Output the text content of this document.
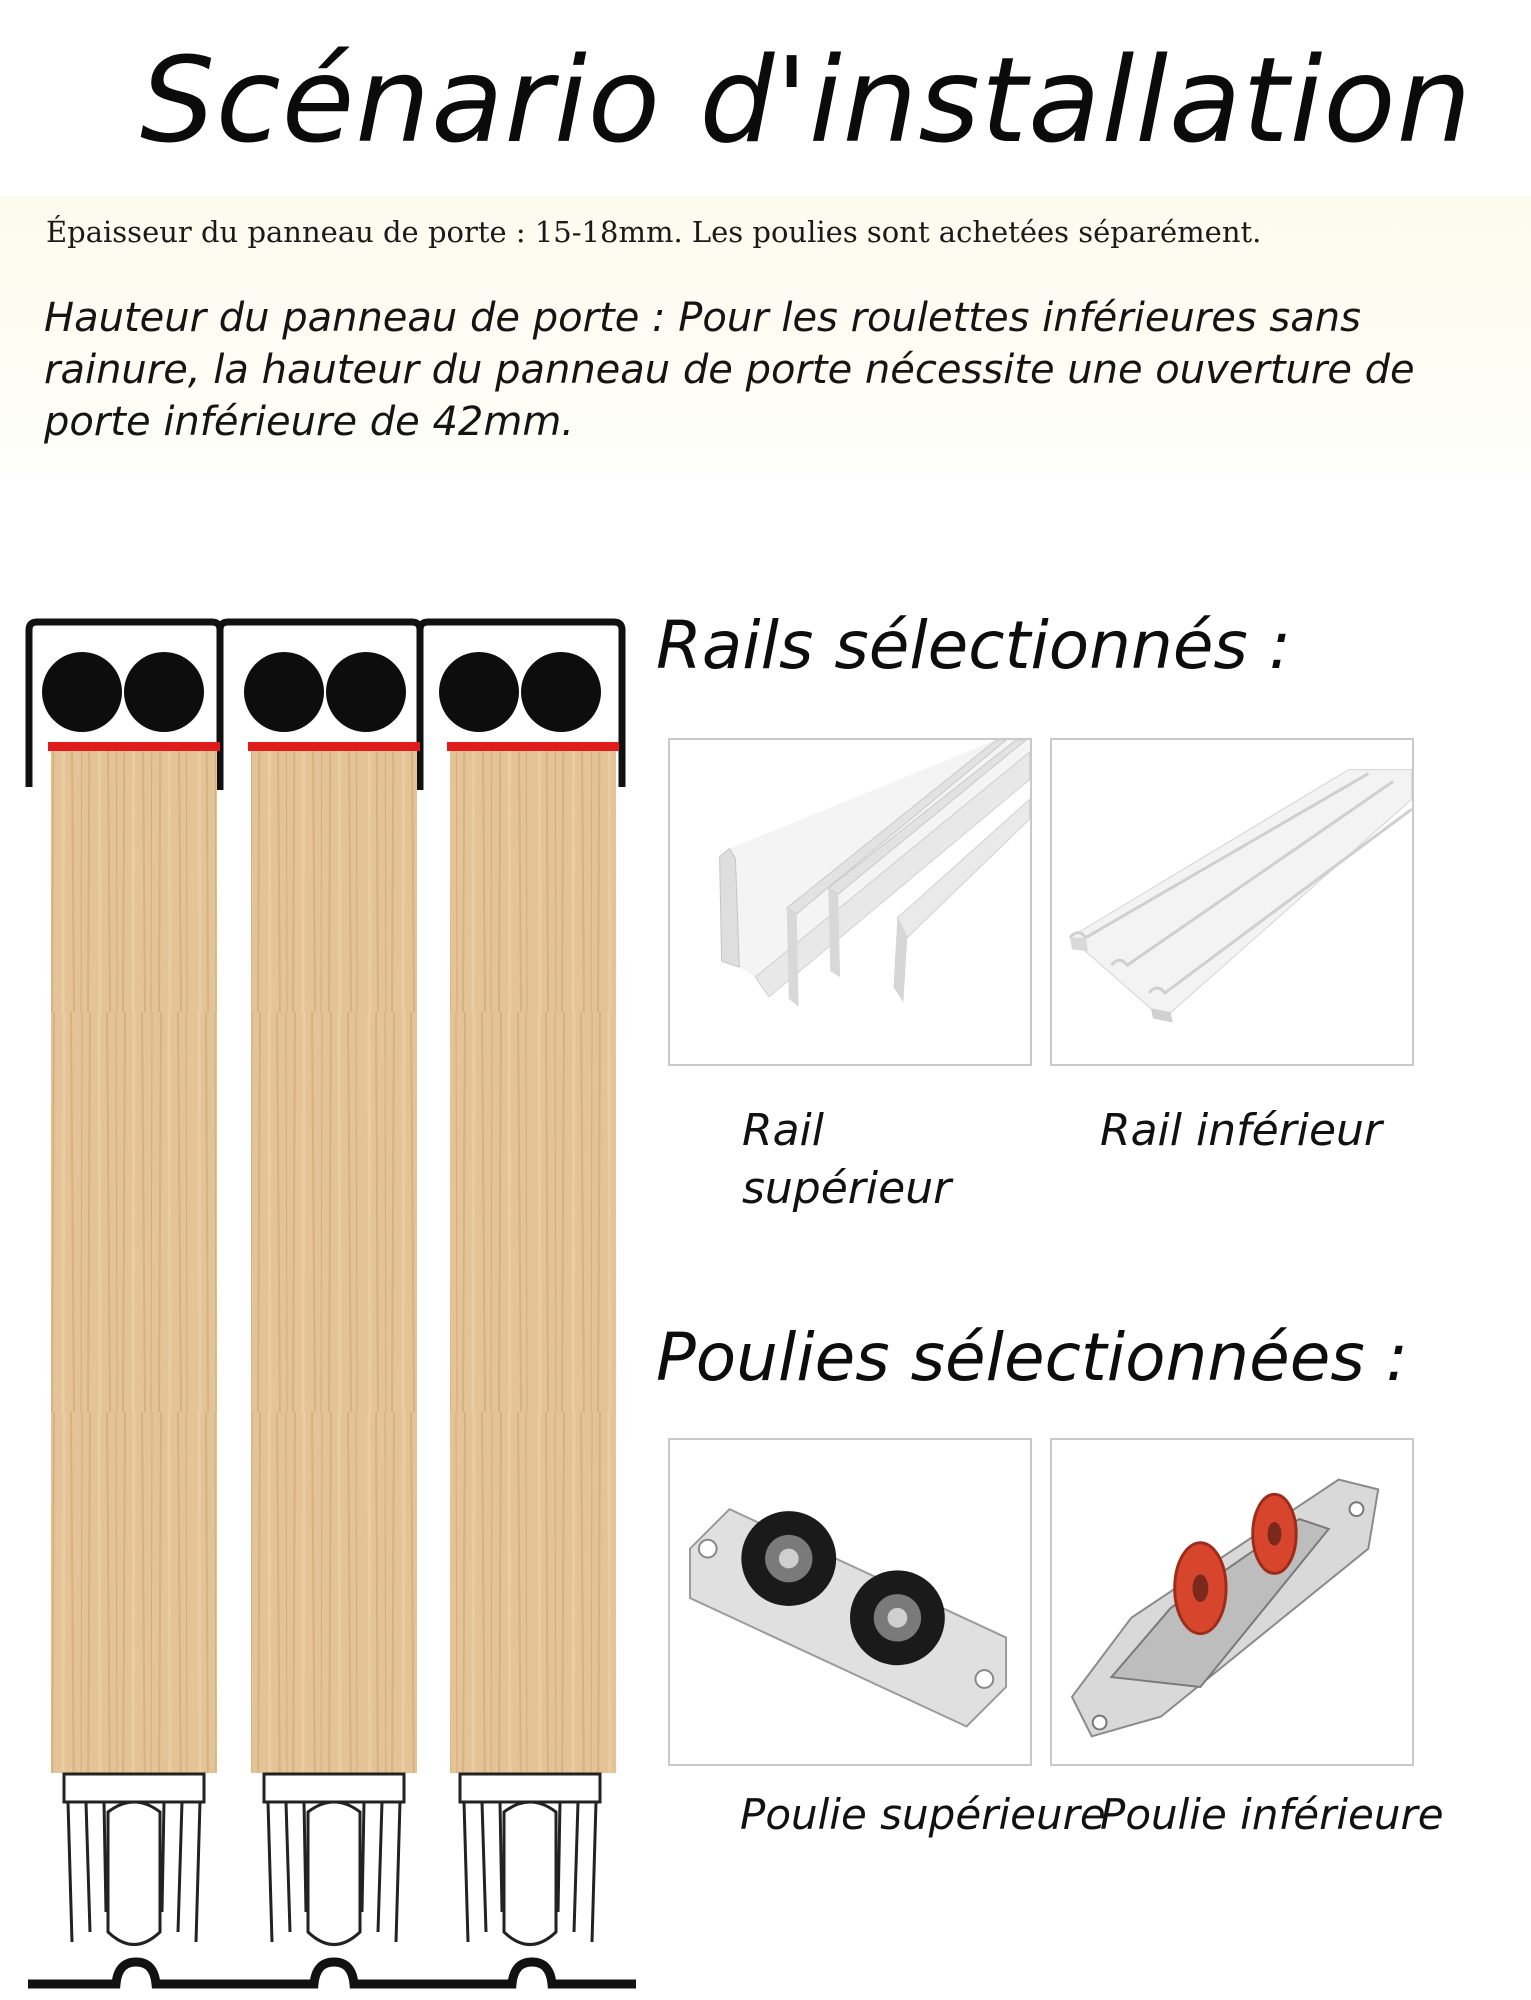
Scénario d'installation
Épaisseur du panneau de porte : 15-18mm. Les poulies sont achetées séparément.
Hauteur du panneau de porte : Pour les roulettes inférieures sans rainure, la hauteur du panneau de porte nécessite une ouverture de porte inférieure de 42mm.
Rails sélectionnés :
Rail supérieur
Rail inférieur
Poulies sélectionnées :
Poulie supérieure
Poulie inférieure
